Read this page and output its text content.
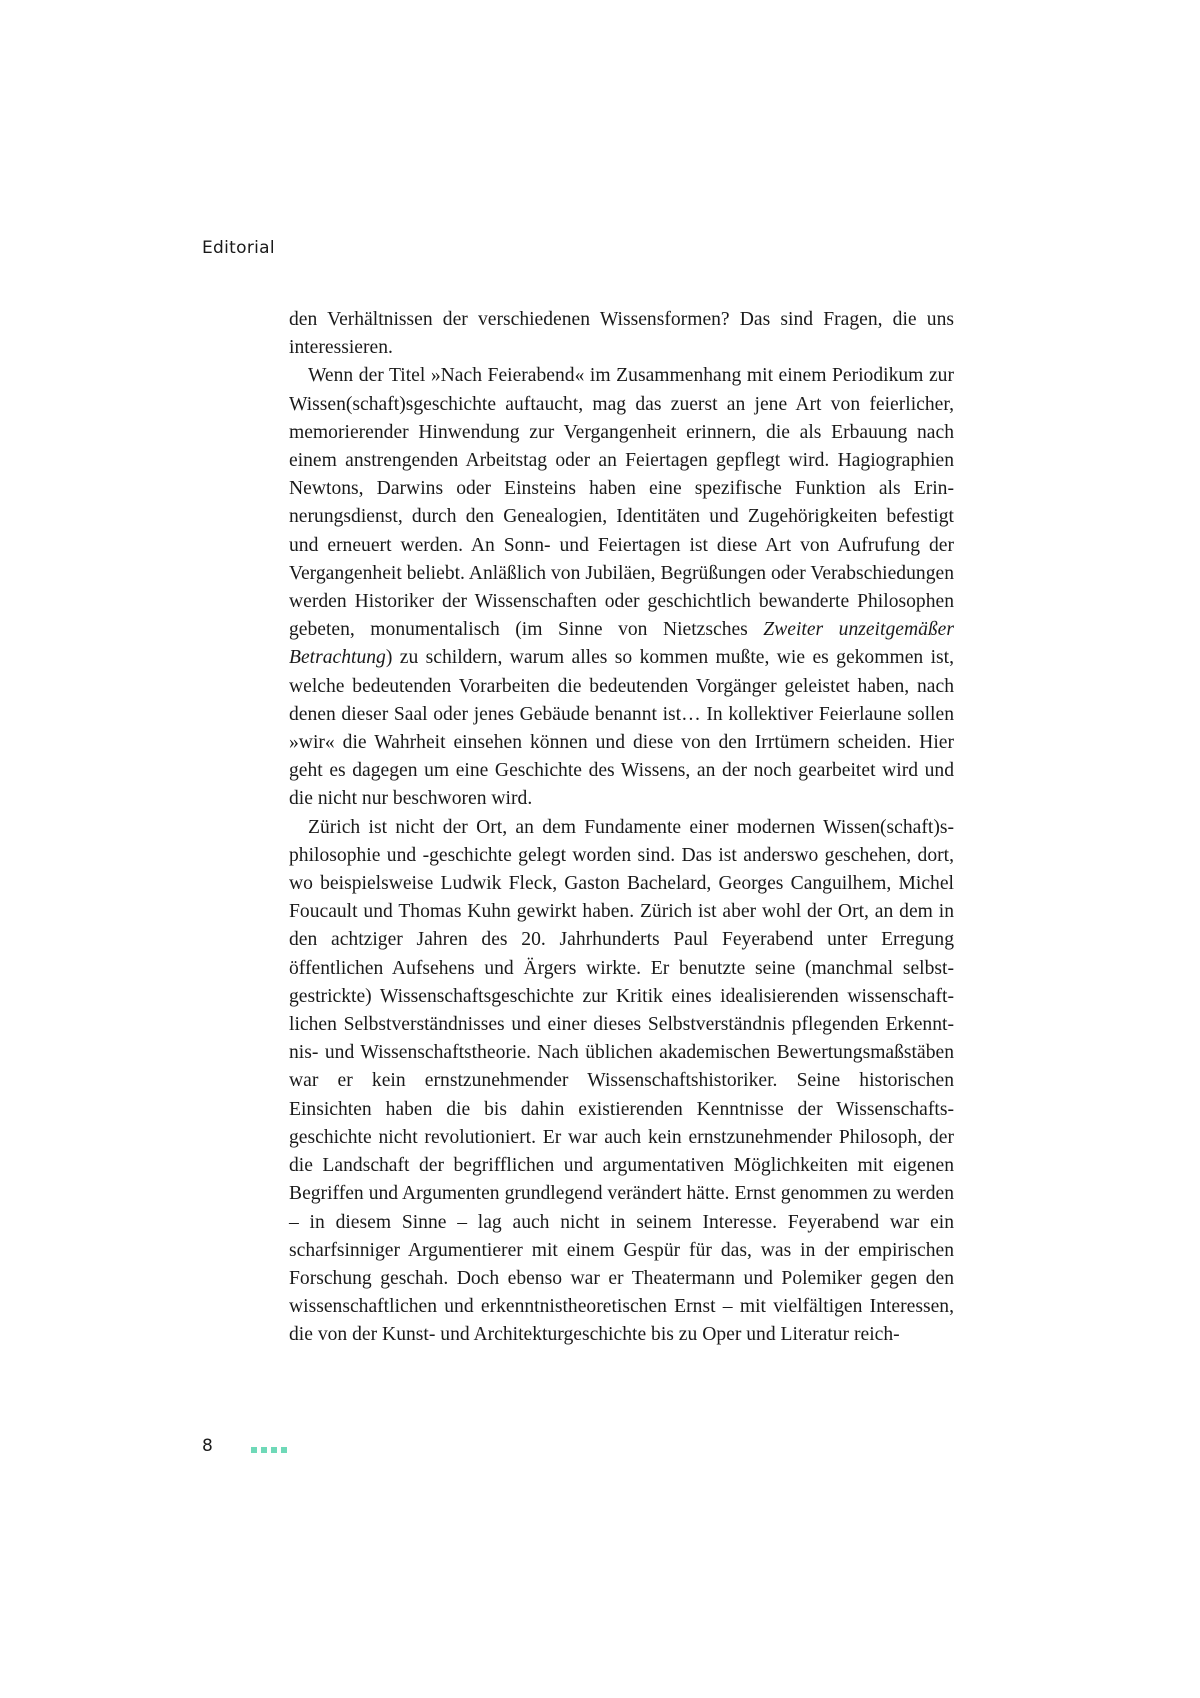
Editorial

den Verhältnissen der verschiedenen Wissensformen? Das sind Fragen, die uns interessieren.

Wenn der Titel »Nach Feierabend« im Zusammenhang mit einem Periodikum zur Wissen(schaft)sgeschichte auftaucht, mag das zuerst an jene Art von feierlicher, memorierender Hinwendung zur Vergangenheit erinnern, die als Erbauung nach einem anstrengenden Arbeitstag oder an Feiertagen gepflegt wird. Hagiographien Newtons, Darwins oder Einsteins haben eine spezifische Funktion als Erinnerungsdienst, durch den Genealogien, Identitäten und Zugehörigkeiten befestigt und erneuert werden. An Sonn- und Feiertagen ist diese Art von Aufrufung der Vergangenheit beliebt. Anläßlich von Jubiläen, Begrüßungen oder Verabschiedungen werden Historiker der Wissenschaften oder geschichtlich bewanderte Philosophen gebeten, monumentalisch (im Sinne von Nietzsches Zweiter unzeitgemäßer Betrachtung) zu schildern, warum alles so kommen mußte, wie es gekommen ist, welche bedeutenden Vorarbeiten die bedeutenden Vorgänger geleistet haben, nach denen dieser Saal oder jenes Gebäude benannt ist… In kollektiver Feierlaune sollen »wir« die Wahrheit einsehen können und diese von den Irrtümern scheiden. Hier geht es dagegen um eine Geschichte des Wissens, an der noch gearbeitet wird und die nicht nur beschworen wird.

Zürich ist nicht der Ort, an dem Fundamente einer modernen Wissen(schaft)sphilosophie und -geschichte gelegt worden sind. Das ist anderswo geschehen, dort, wo beispielsweise Ludwik Fleck, Gaston Bachelard, Georges Canguilhem, Michel Foucault und Thomas Kuhn gewirkt haben. Zürich ist aber wohl der Ort, an dem in den achtziger Jahren des 20. Jahrhunderts Paul Feyerabend unter Erregung öffentlichen Aufsehens und Ärgers wirkte. Er benutzte seine (manchmal selbstgestrickte) Wissenschaftsgeschichte zur Kritik eines idealisierenden wissenschaftlichen Selbstverständnisses und einer dieses Selbstverständnis pflegenden Erkenntnis- und Wissenschaftstheorie. Nach üblichen akademischen Bewertungsmaßstäben war er kein ernstzunehmender Wissenschaftshistoriker. Seine historischen Einsichten haben die bis dahin existierenden Kenntnisse der Wissenschaftsgeschichte nicht revolutioniert. Er war auch kein ernstzunehmender Philosoph, der die Landschaft der begrifflichen und argumentativen Möglichkeiten mit eigenen Begriffen und Argumenten grundlegend verändert hätte. Ernst genommen zu werden – in diesem Sinne – lag auch nicht in seinem Interesse. Feyerabend war ein scharfsinniger Argumentierer mit einem Gespür für das, was in der empirischen Forschung geschah. Doch ebenso war er Theatermann und Polemiker gegen den wissenschaftlichen und erkenntnistheoretischen Ernst – mit vielfältigen Interessen, die von der Kunst- und Architekturgeschichte bis zu Oper und Literatur reich-

8
